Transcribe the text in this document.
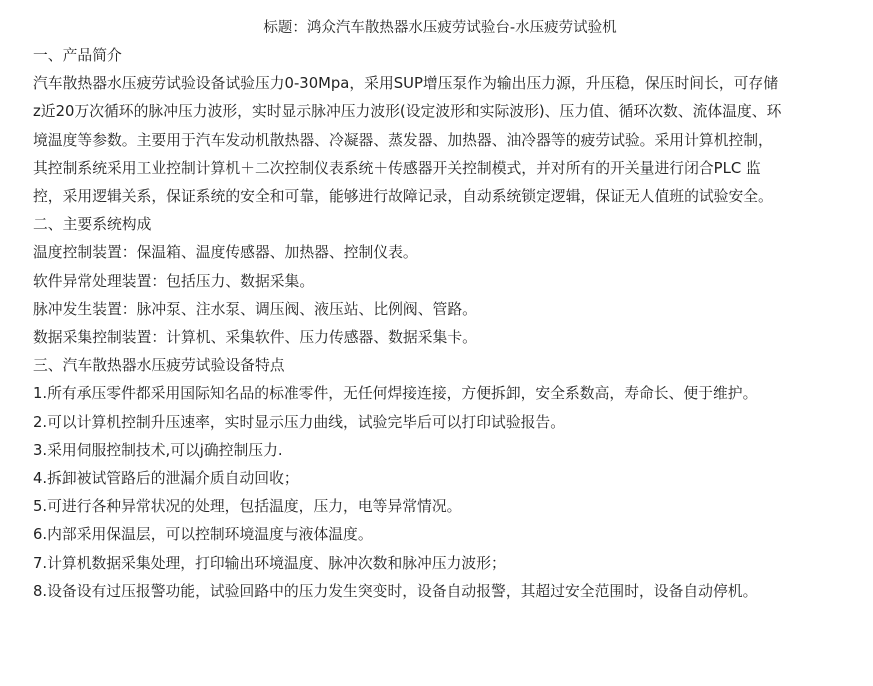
标题：鸿众汽车散热器水压疲劳试验台-水压疲劳试验机

一、产品简介

汽车散热器水压疲劳试验设备试验压力0-30Mpa，采用SUP增压泵作为输出压力源，升压稳，保压时间长，可存储z近20万次循环的脉冲压力波形，实时显示脉冲压力波形(设定波形和实际波形)、压力值、循环次数、流体温度、环境温度等参数。主要用于汽车发动机散热器、冷凝器、蒸发器、加热器、油冷器等的疲劳试验。采用计算机控制，其控制系统采用工业控制计算机＋二次控制仪表系统＋传感器开关控制模式，并对所有的开关量进行闭合PLC 监控，采用逻辑关系，保证系统的安全和可靠，能够进行故障记录，自动系统锁定逻辑，保证无人值班的试验安全。

二、主要系统构成

温度控制装置：保温箱、温度传感器、加热器、控制仪表。

软件异常处理装置：包括压力、数据采集。

脉冲发生装置：脉冲泵、注水泵、调压阀、液压站、比例阀、管路。

数据采集控制装置：计算机、采集软件、压力传感器、数据采集卡。

三、汽车散热器水压疲劳试验设备特点

1.所有承压零件都采用国际知名品的标准零件，无任何焊接连接，方便拆卸，安全系数高，寿命长、便于维护。

2.可以计算机控制升压速率，实时显示压力曲线，试验完毕后可以打印试验报告。

3.采用伺服控制技术,可以j确控制压力.

4.拆卸被试管路后的泄漏介质自动回收；

5.可进行各种异常状况的处理，包括温度，压力，电等异常情况。

6.内部采用保温层，可以控制环境温度与液体温度。

7.计算机数据采集处理，打印输出环境温度、脉冲次数和脉冲压力波形；

8.设备设有过压报警功能，试验回路中的压力发生突变时，设备自动报警，其超过安全范围时，设备自动停机。
